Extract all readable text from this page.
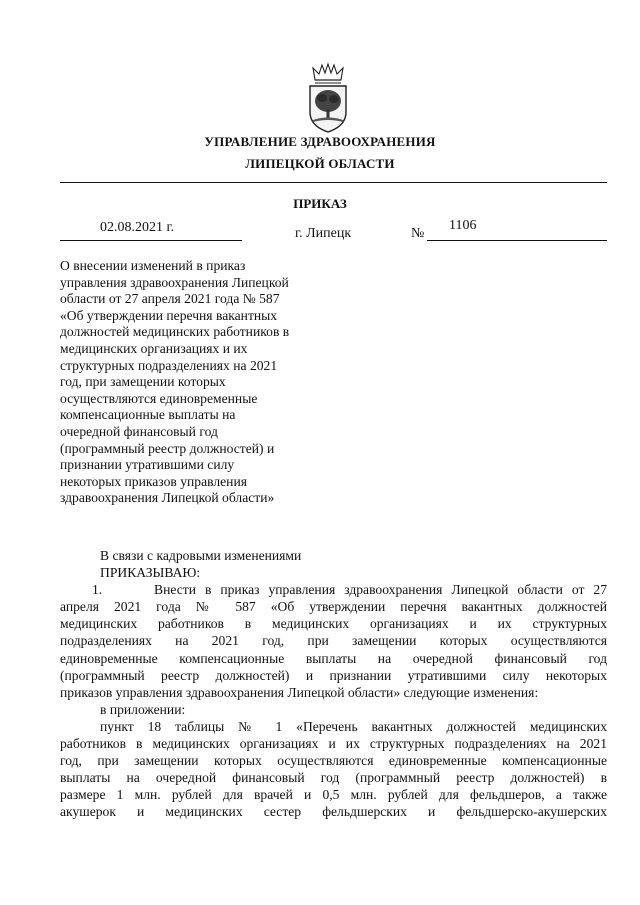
УПРАВЛЕНИЕ ЗДРАВООХРАНЕНИЯ
ЛИПЕЦКОЙ ОБЛАСТИ
ПРИКАЗ
02.08.2021 г.	г. Липецк	№
1106
О внесении изменений в приказ
управления здравоохранения Липецкой
области от 27 апреля 2021 года № 587
«Об утверждении перечня вакантных
должностей медицинских работников в
медицинских организациях и их
структурных подразделениях на 2021
год, при замещении которых
осуществляются единовременные
компенсационные выплаты на
очередной финансовый год
(программный реестр должностей) и
признании утратившими силу
некоторых приказов управления
здравоохранения Липецкой области»

В связи с кадровыми изменениями

ПРИКАЗЫВАЮ:

1.	Внести в приказ управления здравоохранения Липецкой области от 27

апреля 2021 года № 587 «Об утверждении перечня вакантных должностей

медицинских работников в медицинских организациях и их структурных

подразделениях на 2021 год, при замещении которых осуществляются

единовременные компенсационные выплаты на очередной финансовый год

(программный реестр должностей) и признании утратившими силу некоторых

приказов управления здравоохранения Липецкой области» следующие изменения:

в приложении:

пункт 18 таблицы № 1 «Перечень вакантных должностей медицинских

работников в медицинских организациях и их структурных подразделениях на 2021

год, при замещении которых осуществляются единовременные компенсационные

выплаты на очередной финансовый год (программный реестр должностей) в

размере 1 млн. рублей для врачей и 0,5 млн. рублей для фельдшеров, а также

акушерок и медицинских сестер фельдшерских и фельдшерско-акушерских
